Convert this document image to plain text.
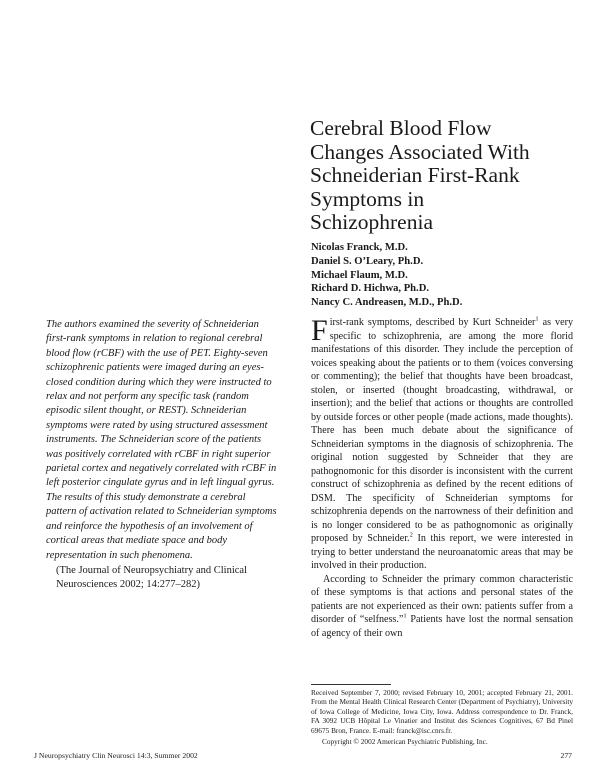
Cerebral Blood Flow
Changes Associated With
Schneiderian First-Rank
Symptoms in
Schizophrenia
Nicolas Franck, M.D.
Daniel S. O’Leary, Ph.D.
Michael Flaum, M.D.
Richard D. Hichwa, Ph.D.
Nancy C. Andreasen, M.D., Ph.D.
The authors examined the severity of Schneiderian first-rank symptoms in relation to regional cerebral blood flow (rCBF) with the use of PET. Eighty-seven schizophrenic patients were imaged during an eyes-closed condition during which they were instructed to relax and not perform any specific task (random episodic silent thought, or REST). Schneiderian symptoms were rated by using structured assessment instruments. The Schneiderian score of the patients was positively correlated with rCBF in right superior parietal cortex and negatively correlated with rCBF in left posterior cingulate gyrus and in left lingual gyrus. The results of this study demonstrate a cerebral pattern of activation related to Schneiderian symptoms and reinforce the hypothesis of an involvement of cortical areas that mediate space and body representation in such phenomena.
(The Journal of Neuropsychiatry and Clinical Neurosciences 2002; 14:277–282)

First-rank symptoms, described by Kurt Schneider$^1$ as very specific to schizophrenia, are among the more florid manifestations of this disorder. They include the perception of voices speaking about the patients or to them (voices conversing or commenting); the belief that thoughts have been broadcast, stolen, or inserted (thought broadcasting, withdrawal, or insertion); and the belief that actions or thoughts are controlled by outside forces or other people (made actions, made thoughts). There has been much debate about the significance of Schneiderian symptoms in the diagnosis of schizophrenia. The original notion suggested by Schneider that they are pathognomonic for this disorder is inconsistent with the current construct of schizophrenia as defined by the recent editions of DSM. The specificity of Schneiderian symptoms for schizophrenia depends on the narrowness of their definition and is no longer considered to be as pathognomonic as originally proposed by Schneider.$^2$ In this report, we were interested in trying to better understand the neuroanatomic areas that may be involved in their production.

According to Schneider the primary common characteristic of these symptoms is that actions and personal states of the patients are not experienced as their own: patients suffer from a disorder of “selfness.”$^1$ Patients have lost the normal sensation of agency of their own

Received September 7, 2000; revised February 10, 2001; accepted February 21, 2001. From the Mental Health Clinical Research Center (Department of Psychiatry), University of Iowa College of Medicine, Iowa City, Iowa. Address correspondence to Dr. Franck, FA 3092 UCB Hôpital Le Vinatier and Institut des Sciences Cognitives, 67 Bd Pinel 69675 Bron, France. E-mail: franck@isc.cnrs.fr.
Copyright © 2002 American Psychiatric Publishing, Inc.
J Neuropsychiatry Clin Neurosci 14:3, Summer 2002	277
